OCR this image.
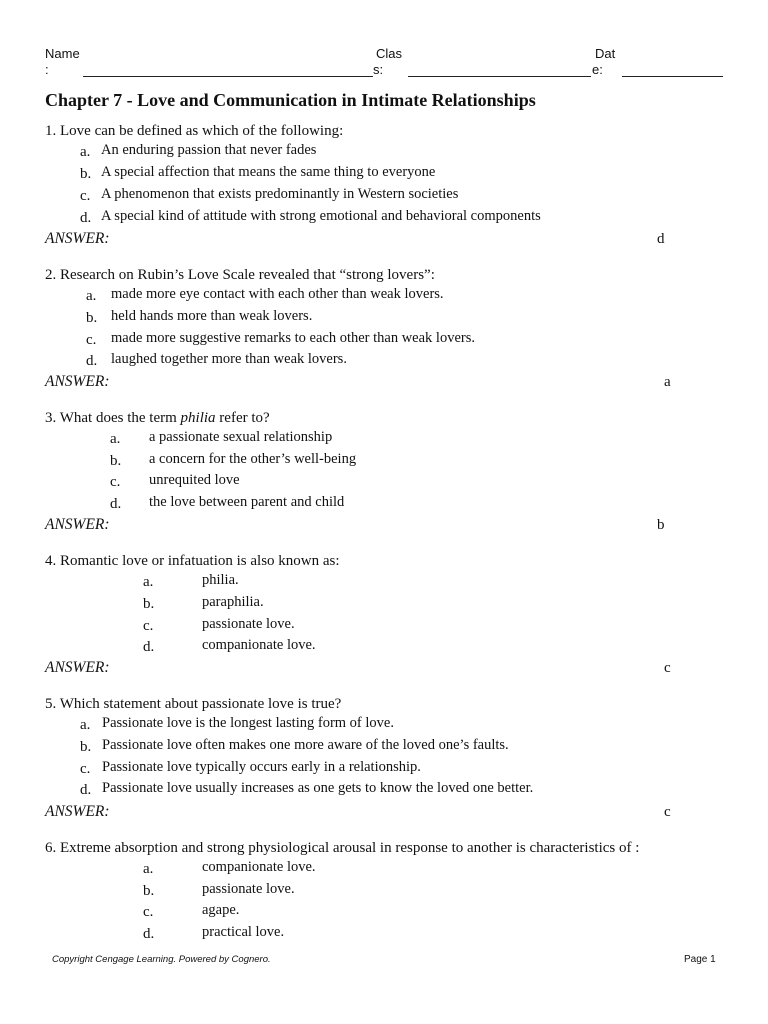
Name
:
Clas
s:
Dat
e:
Chapter 7 - Love and Communication in Intimate Relationships
1. Love can be defined as which of the following:
a. An enduring passion that never fades
b. A special affection that means the same thing to everyone
c. A phenomenon that exists predominantly in Western societies
d. A special kind of attitude with strong emotional and behavioral components
ANSWER:	d
2. Research on Rubin’s Love Scale revealed that “strong lovers”:
a. made more eye contact with each other than weak lovers.
b. held hands more than weak lovers.
c. made more suggestive remarks to each other than weak lovers.
d. laughed together more than weak lovers.
ANSWER:	a
3. What does the term philia refer to?
a. a passionate sexual relationship
b. a concern for the other’s well-being
c. unrequited love
d. the love between parent and child
ANSWER:	b
4. Romantic love or infatuation is also known as:
a.	philia.
b.	paraphilia.
c.	passionate love.
d.	companionate love.
ANSWER:	c
5. Which statement about passionate love is true?
a. Passionate love is the longest lasting form of love.
b. Passionate love often makes one more aware of the loved one’s faults.
c. Passionate love typically occurs early in a relationship.
d. Passionate love usually increases as one gets to know the loved one better.
ANSWER:	c
6. Extreme absorption and strong physiological arousal in response to another is characteristics of :
a.	companionate love.
b.	passionate love.
c.	agape.
d.	practical love.
Copyright Cengage Learning. Powered by Cognero.	Page 1
